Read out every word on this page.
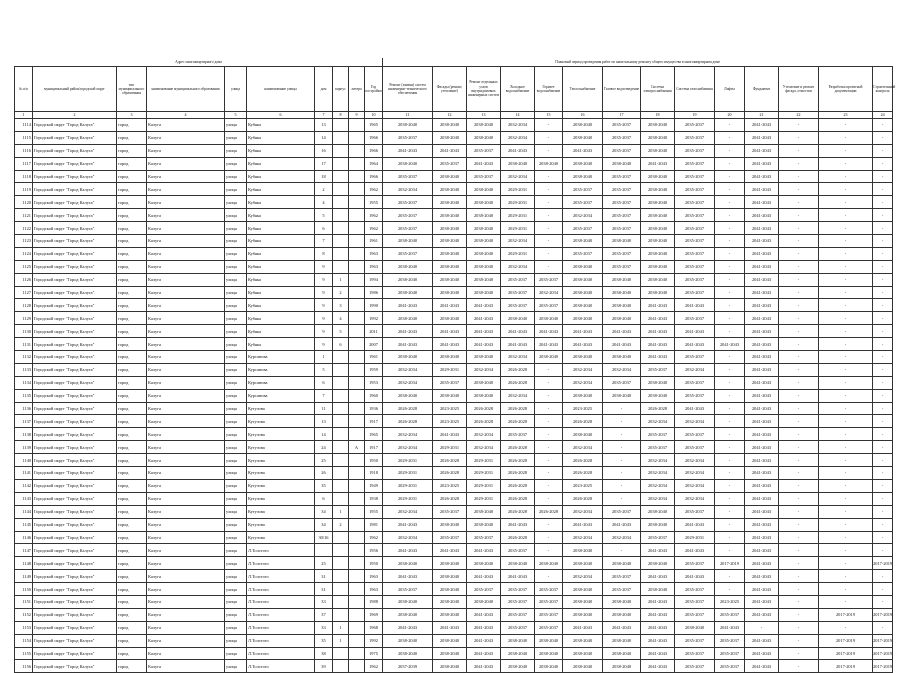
Адрес многоквартирного дома										Плановый период проведения работ по капитальному ремонту общего имущества в многоквартирном доме													
№ п/п	муниципальный район/городской округ	тип муниципального образования	наименование муниципального образования	улица	наименование улицы	дом	корпус	литера	Год постройки	Ремонт (замена) систем инженерно-технического обеспечения	Фасады (ремонт, утепление)	Ремонт отдельных узлов внутридомовых инженерных систем	Холодное водоснабжение	Горячее водоснабжение	Теплоснабжение	Газовое водоотведение	Система электроснабжения	Система газоснабжения	Лифты	Фундамент	Утепление и ремонт фасада, отмостки	Разработка проектной документации	Строительный контроль
1	2	3	4	5	6	7	8	9	10	11	12	13	14	15	16	17	18	19	20	21	22	23	24
1114	Городской округ "Город Калуга"	город	Калуга	улица	Кубяка	13			1965	2038-2040	2038-2040	2038-2040	2032-2034	-	2038-2040	2035-2037	2038-2040	2035-2037	-	2041-2043	-	-	-
1115	Городской округ "Город Калуга"	город	Калуга	улица	Кубяка	14			1966	2035-2037	2038-2040	2038-2040	2032-2034	-	2038-2040	2035-2037	2038-2040	2035-2037	-	2041-2043	-	-	-
1116	Городской округ "Город Калуга"	город	Калуга	улица	Кубяка	16			1966	2041-2043	2041-2043	2035-2037	2041-2043	-	2041-2043	2035-2037	2038-2040	2035-2037	-	2041-2043	-	-	-
1117	Городской округ "Город Калуга"	город	Калуга	улица	Кубяка	17			1964	2038-2040	2035-2037	2041-2043	2038-2040	2038-2040	2038-2040	2038-2040	2041-2043	2035-2037	-	2041-2043	-	-	-
1118	Городской округ "Город Калуга"	город	Калуга	улица	Кубяка	18			1966	2035-2037	2038-2040	2035-2037	2032-2034	-	2038-2040	2035-2037	2038-2040	2035-2037	-	2041-2043	-	-	-
1119	Городской округ "Город Калуга"	город	Калуга	улица	Кубяка	2			1962	2032-2034	2038-2040	2038-2040	2029-2031	-	2035-2037	2035-2037	2038-2040	2035-2037	-	2041-2043	-	-	-
1120	Городской округ "Город Калуга"	город	Калуга	улица	Кубяка	4			1955	2035-2037	2038-2040	2038-2040	2029-2031	-	2035-2037	2035-2037	2038-2040	2035-2037	-	2041-2043	-	-	-
1121	Городской округ "Город Калуга"	город	Калуга	улица	Кубяка	5			1962	2035-2037	2038-2040	2038-2040	2029-2031	-	2032-2034	2035-2037	2038-2040	2035-2037	-	2041-2043	-	-	-
1122	Городской округ "Город Калуга"	город	Калуга	улица	Кубяка	6			1962	2035-2037	2038-2040	2038-2040	2029-2031	-	2035-2037	2035-2037	2038-2040	2035-2037	-	2041-2043	-	-	-
1123	Городской округ "Город Калуга"	город	Калуга	улица	Кубяка	7			1961	2038-2040	2038-2040	2038-2040	2032-2034	-	2038-2040	2038-2040	2038-2040	2035-2037	-	2041-2043	-	-	-
1124	Городской округ "Город Калуга"	город	Калуга	улица	Кубяка	8			1963	2035-2037	2038-2040	2038-2040	2029-2031	-	2035-2037	2035-2037	2038-2040	2035-2037	-	2041-2043	-	-	-
1125	Городской округ "Город Калуга"	город	Калуга	улица	Кубяка	9			1963	2038-2040	2038-2040	2038-2040	2032-2034	-	2038-2040	2035-2037	2038-2040	2035-2037	-	2041-2043	-	-	-
1126	Городской округ "Город Калуга"	город	Калуга	улица	Кубяка	9	1		1994	2038-2040	2038-2040	2038-2040	2035-2037	2035-2037	2038-2040	2038-2040	2038-2040	2035-2037	-	2041-2043	-	-	-
1127	Городской округ "Город Калуга"	город	Калуга	улица	Кубяка	9	2		1986	2038-2040	2038-2040	2038-2040	2035-2037	2032-2034	2038-2040	2038-2040	2038-2040	2035-2037	-	2041-2043	-	-	-
1128	Городской округ "Город Калуга"	город	Калуга	улица	Кубяка	9	3		1990	2041-2043	2041-2043	2041-2043	2035-2037	2035-2037	2038-2040	2038-2040	2041-2043	2041-2043	-	2041-2043	-	-	-
1129	Городской округ "Город Калуга"	город	Калуга	улица	Кубяка	9	4		1992	2038-2040	2038-2040	2041-2043	2038-2040	2038-2040	2038-2040	2038-2040	2041-2043	2035-2037	-	2041-2043	-	-	-
1130	Городской округ "Город Калуга"	город	Калуга	улица	Кубяка	9	5		2011	2041-2043	2041-2043	2041-2043	2041-2043	2041-2043	2041-2043	2041-2043	2041-2043	2041-2043	-	2041-2043	-	-	-
1131	Городской округ "Город Калуга"	город	Калуга	улица	Кубяка	9	6		2007	2041-2043	2041-2043	2041-2043	2041-2043	2041-2043	2041-2043	2041-2043	2041-2043	2041-2043	2041-2043	2041-2043	-	-	-
1132	Городской округ "Город Калуга"	город	Калуга	улица	Курсанова	1			1961	2038-2040	2038-2040	2038-2040	2032-2034	2038-2040	2038-2040	2038-2040	2041-2043	2035-2037	-	2041-2043	-	-	-
1133	Городской округ "Город Калуга"	город	Калуга	улица	Курсанова	5			1959	2032-2034	2029-2031	2032-2034	2026-2028	-	2032-2034	2032-2034	2035-2037	2032-2034	-	2041-2043	-	-	-
1134	Городской округ "Город Калуга"	город	Калуга	улица	Курсанова	6			1953	2032-2034	2035-2037	2038-2040	2026-2028	-	2032-2034	2035-2037	2038-2040	2035-2037	-	2041-2043	-	-	-
1135	Городской округ "Город Калуга"	город	Калуга	улица	Курсанова	7			1960	2038-2040	2038-2040	2038-2040	2032-2034	-	2038-2040	2038-2040	2038-2040	2035-2037	-	2041-2043	-	-	-
1136	Городской округ "Город Калуга"	город	Калуга	улица	Кутузова	11			1936	2026-2028	2023-2025	2026-2028	2026-2028	-	2023-2025	-	2026-2028	2041-2043	-	2041-2043	-	-	-
1137	Городской округ "Город Калуга"	город	Калуга	улица	Кутузова	13			1917	2026-2028	2023-2025	2026-2028	2026-2028	-	2026-2028	-	2032-2034	2032-2034	-	2041-2043	-	-	-
1138	Городской округ "Город Калуга"	город	Калуга	улица	Кутузова	14			1965	2032-2034	2041-2043	2032-2034	2035-2037	-	2038-2040	-	2035-2037	2035-2037	-	2041-2043	-	-	-
1139	Городской округ "Город Калуга"	город	Калуга	улица	Кутузова	24		А	1917	2032-2034	2029-2031	2032-2034	2026-2028	-	2032-2034	-	2035-2037	2035-2037	-	2041-2043	-	-	-
1140	Городской округ "Город Калуга"	город	Калуга	улица	Кутузова	25			1950	2029-2031	2026-2028	2029-2031	2026-2028	-	2026-2028	-	2032-2034	2032-2034	-	2041-2043	-	-	-
1141	Городской округ "Город Калуга"	город	Калуга	улица	Кутузова	26			1918	2029-2031	2026-2028	2029-2031	2026-2028	-	2026-2028	-	2032-2034	2032-2034	-	2041-2043	-	-	-
1142	Городской округ "Город Калуга"	город	Калуга	улица	Кутузова	35			1949	2029-2031	2023-2025	2029-2031	2026-2028	-	2023-2025	-	2032-2034	2032-2034	-	2041-2043	-	-	-
1143	Городской округ "Город Калуга"	город	Калуга	улица	Кутузова	6			1938	2029-2031	2026-2028	2029-2031	2026-2028	-	2026-2028	-	2032-2034	2032-2034	-	2041-2043	-	-	-
1144	Городской округ "Город Калуга"	город	Калуга	улица	Кутузова	34	1		1955	2032-2034	2035-2037	2038-2040	2026-2028	2026-2028	2032-2034	2035-2037	2038-2040	2035-2037	-	2041-2043	-	-	-
1145	Городской округ "Город Калуга"	город	Калуга	улица	Кутузова	34	2		1981	2041-2043	2038-2040	2038-2040	2041-2043	-	2041-2043	2041-2043	2038-2040	2041-2043	-	2041-2043	-	-	-
1146	Городской округ "Город Калуга"	город	Калуга	улица	Кутузова	30/16			1962	2032-2034	2035-2037	2035-2037	2026-2028	-	2032-2034	2032-2034	2035-2037	2029-2031	-	2041-2043	-	-	-
1147	Городской округ "Город Калуга"	город	Калуга	улица	Л.Толстого				1956	2041-2043	2041-2043	2041-2043	2035-2037	-	2038-2040	-	2041-2043	2041-2043	-	2041-2043	-	-	-
1148	Городской округ "Город Калуга"	город	Калуга	улица	Л.Толстого	25			1950	2038-2040	2038-2040	2038-2040	2038-2040	2038-2040	2038-2040	2038-2040	2038-2040	2035-2037	2017-2019	2041-2043	-	-	2017-2019
1149	Городской округ "Город Калуга"	город	Калуга	улица	Л.Толстого	31			1963	2041-2043	2038-2040	2041-2043	2041-2043	-	2032-2034	2035-2037	2041-2043	2041-2043	-	2041-2043	-	-	-
1150	Городской округ "Город Калуга"	город	Калуга	улица	Л.Толстого	31			1963	2035-2037	2038-2040	2035-2037	2035-2037	2035-2037	2038-2040	2035-2037	2038-2040	2035-2037	-	2041-2043	-	-	-
1151	Городской округ "Город Калуга"	город	Калуга	улица	Л.Толстого	33			1988	2038-2040	2038-2040	2038-2040	2035-2037	2035-2037	2038-2040	2038-2040	2041-2043	2035-2037	2023-2025	2041-2043	-	-	-
1152	Городской округ "Город Калуга"	город	Калуга	улица	Л.Толстого	37			1969	2038-2040	2038-2040	2041-2043	2035-2037	2035-2037	2038-2040	2038-2040	2041-2043	2035-2037	2035-2037	2041-2043	-	2017-2019	2017-2019
1153	Городской округ "Город Калуга"	город	Калуга	улица	Л.Толстого	33	1		1968	2041-2043	2041-2043	2041-2043	2035-2037	2035-2037	2041-2043	2041-2043	2041-2043	2038-2040	2041-2043	-	-	-	-
1154	Городской округ "Город Калуга"	город	Калуга	улица	Л.Толстого	35	1		1992	2038-2040	2038-2040	2041-2043	2038-2040	2038-2040	2038-2040	2038-2040	2041-2043	2035-2037	2035-2037	2041-2043	-	2017-2019	2017-2019
1155	Городской округ "Город Калуга"	город	Калуга	улица	Л.Толстого	38			1975	2038-2040	2038-2040	2041-2043	2038-2040	2038-2040	2038-2040	2038-2040	2041-2043	2035-2037	2035-2037	2041-2043	-	2017-2019	2017-2019
1156	Городской округ "Город Калуга"	город	Калуга	улица	Л.Толстого	39			1962	2037-2039	2038-2040	2041-2043	2038-2040	2038-2040	2038-2040	2038-2040	2041-2043	2035-2037	2035-2037	2041-2043	-	2017-2019	2017-2019
